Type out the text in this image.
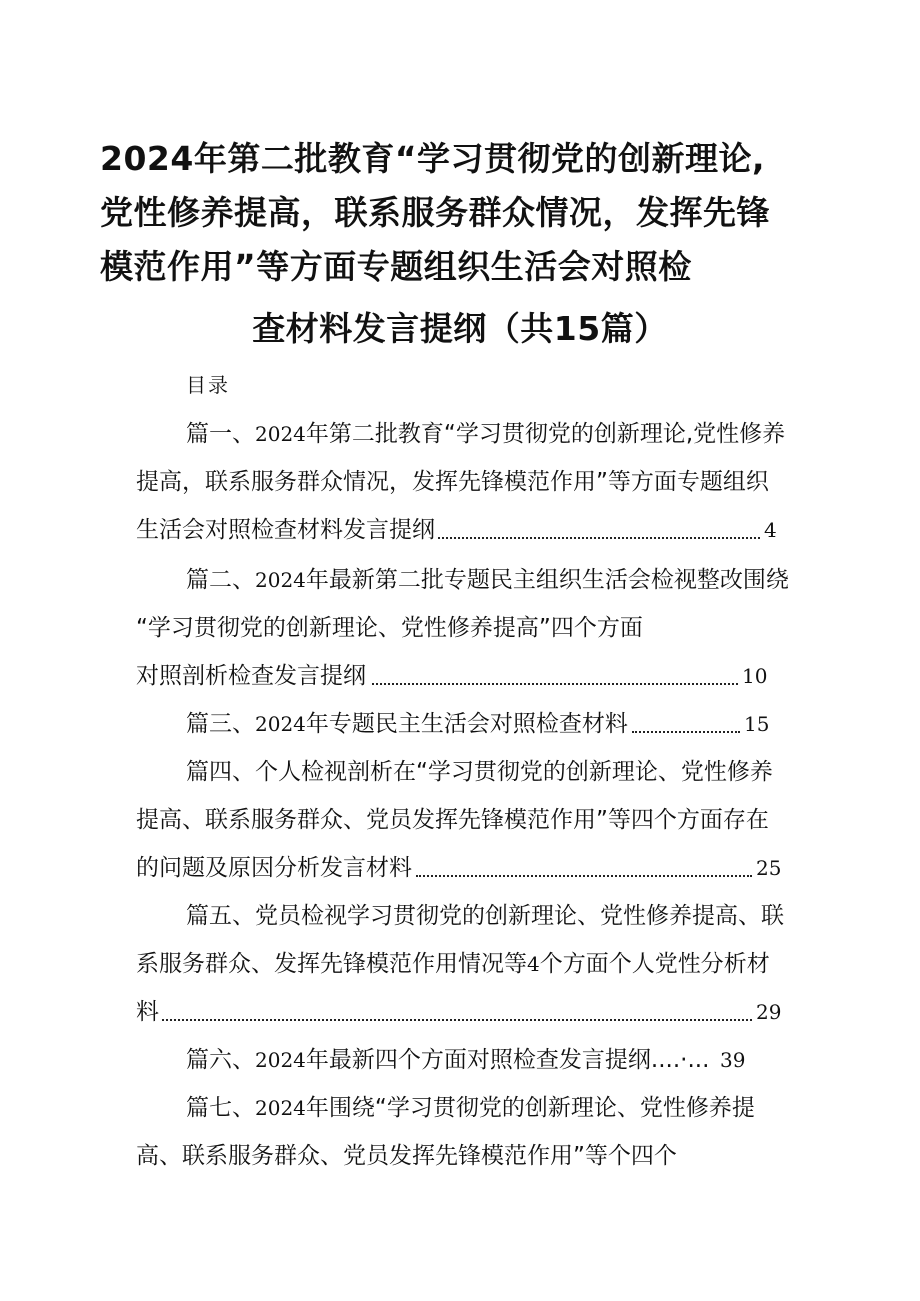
2024年第二批教育“学习贯彻党的创新理论,
党性修养提高，联系服务群众情况，发挥先锋
模范作用”等方面专题组织生活会对照检
查材料发言提纲（共15篇）
目录
篇一、2024年第二批教育“学习贯彻党的创新理论,党性修养
提高，联系服务群众情况，发挥先锋模范作用”等方面专题组织
生活会对照检查材料发言提纲	4
篇二、2024年最新第二批专题民主组织生活会检视整改围绕
“学习贯彻党的创新理论、党性修养提高”四个方面
对照剖析检查发言提纲	10
篇三、2024年专题民主生活会对照检查材料	15
篇四、个人检视剖析在“学习贯彻党的创新理论、党性修养
提高、联系服务群众、党员发挥先锋模范作用”等四个方面存在
的问题及原因分析发言材料	25
篇五、党员检视学习贯彻党的创新理论、党性修养提高、联
系服务群众、发挥先锋模范作用情况等4个方面个人党性分析材
料	29
篇六、2024年最新四个方面对照检查发言提纲....·... 39
篇七、2024年围绕“学习贯彻党的创新理论、党性修养提
高、联系服务群众、党员发挥先锋模范作用”等个四个
